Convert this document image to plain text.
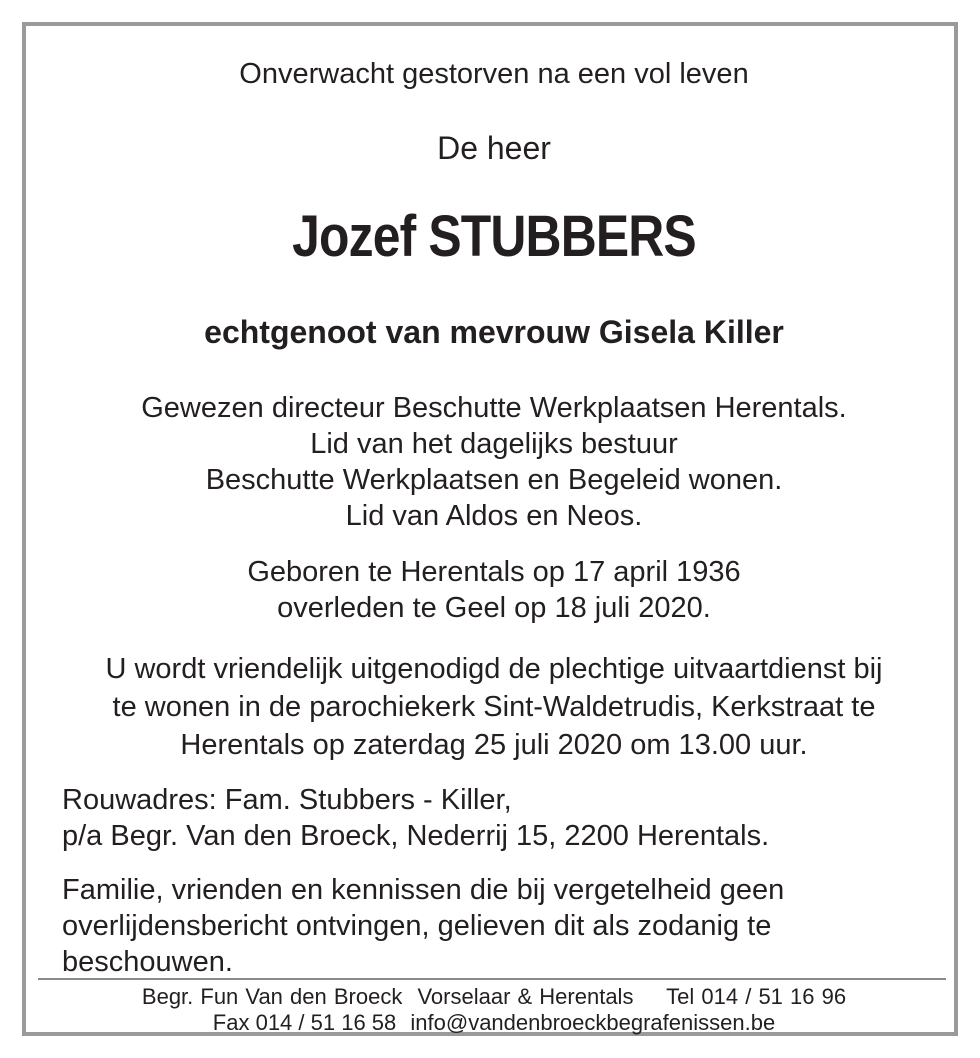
Onverwacht gestorven na een vol leven
De heer
Jozef STUBBERS
echtgenoot van mevrouw Gisela Killer
Gewezen directeur Beschutte Werkplaatsen Herentals.
Lid van het dagelijks bestuur
Beschutte Werkplaatsen en Begeleid wonen.
Lid van Aldos en Neos.
Geboren te Herentals op 17 april 1936
overleden te Geel op 18 juli 2020.
U wordt vriendelijk uitgenodigd de plechtige uitvaartdienst bij
te wonen in de parochiekerk Sint-Waldetrudis, Kerkstraat te
Herentals op zaterdag 25 juli 2020 om 13.00 uur.
Rouwadres: Fam. Stubbers - Killer,
p/a Begr. Van den Broeck, Nederrij 15, 2200 Herentals.
Familie, vrienden en kennissen die bij vergetelheid geen
overlijdensbericht ontvingen, gelieven dit als zodanig te
beschouwen.
Begr. Fun Van den Broeck Vorselaar & Herentals Tel 014 / 51 16 96
Fax 014 / 51 16 58 info@vandenbroeckbegrafenissen.be
